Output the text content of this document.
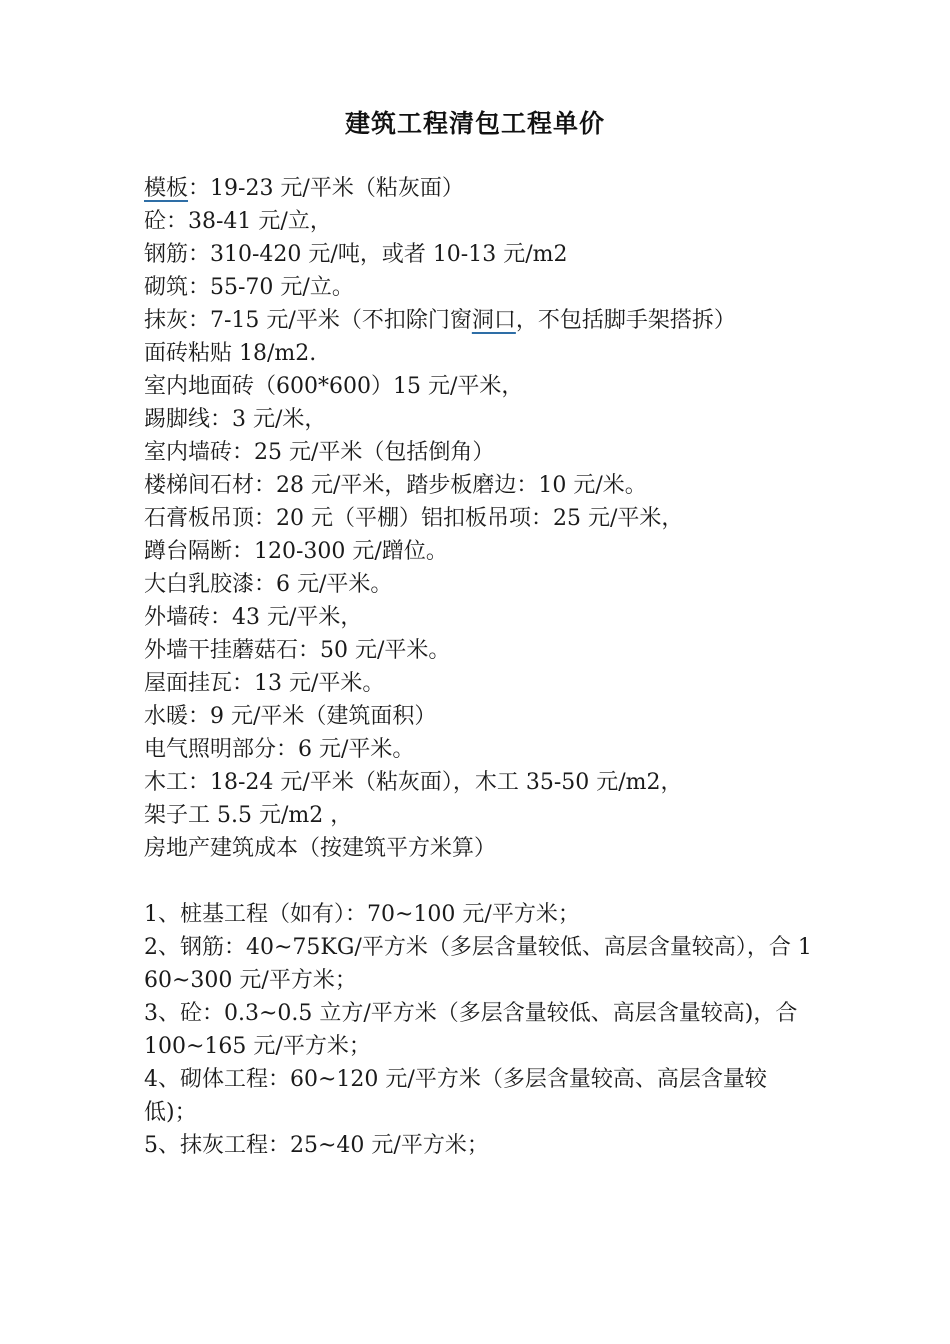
建筑工程清包工程单价
模板：19-23 元/平米（粘灰面）
砼：38-41 元/立，
钢筋：310-420 元/吨，或者 10-13 元/m2
砌筑：55-70 元/立。
抹灰：7-15 元/平米（不扣除门窗洞口，不包括脚手架搭拆）
面砖粘贴 18/m2.
室内地面砖（600*600）15 元/平米，
踢脚线：3 元/米，
室内墙砖：25 元/平米（包括倒角）
楼梯间石材：28 元/平米，踏步板磨边：10 元/米。
石膏板吊顶：20 元（平棚）铝扣板吊项：25 元/平米，
蹲台隔断：120-300 元/蹭位。
大白乳胶漆：6 元/平米。
外墙砖：43 元/平米，
外墙干挂蘑菇石：50 元/平米。
屋面挂瓦：13 元/平米。
水暖：9 元/平米（建筑面积）
电气照明部分：6 元/平米。
木工：18-24 元/平米（粘灰面），木工 35-50 元/m2，
架子工 5.5 元/m2 ，
房地产建筑成本（按建筑平方米算）
1、桩基工程（如有）：70~100 元/平方米；
2、钢筋：40~75KG/平方米（多层含量较低、高层含量较高），合 160~300 元/平方米；
3、砼：0.3~0.5 立方/平方米（多层含量较低、高层含量较高)，合 100~165 元/平方米；
4、砌体工程：60~120 元/平方米（多层含量较高、高层含量较低)；
5、抹灰工程：25~40 元/平方米；
